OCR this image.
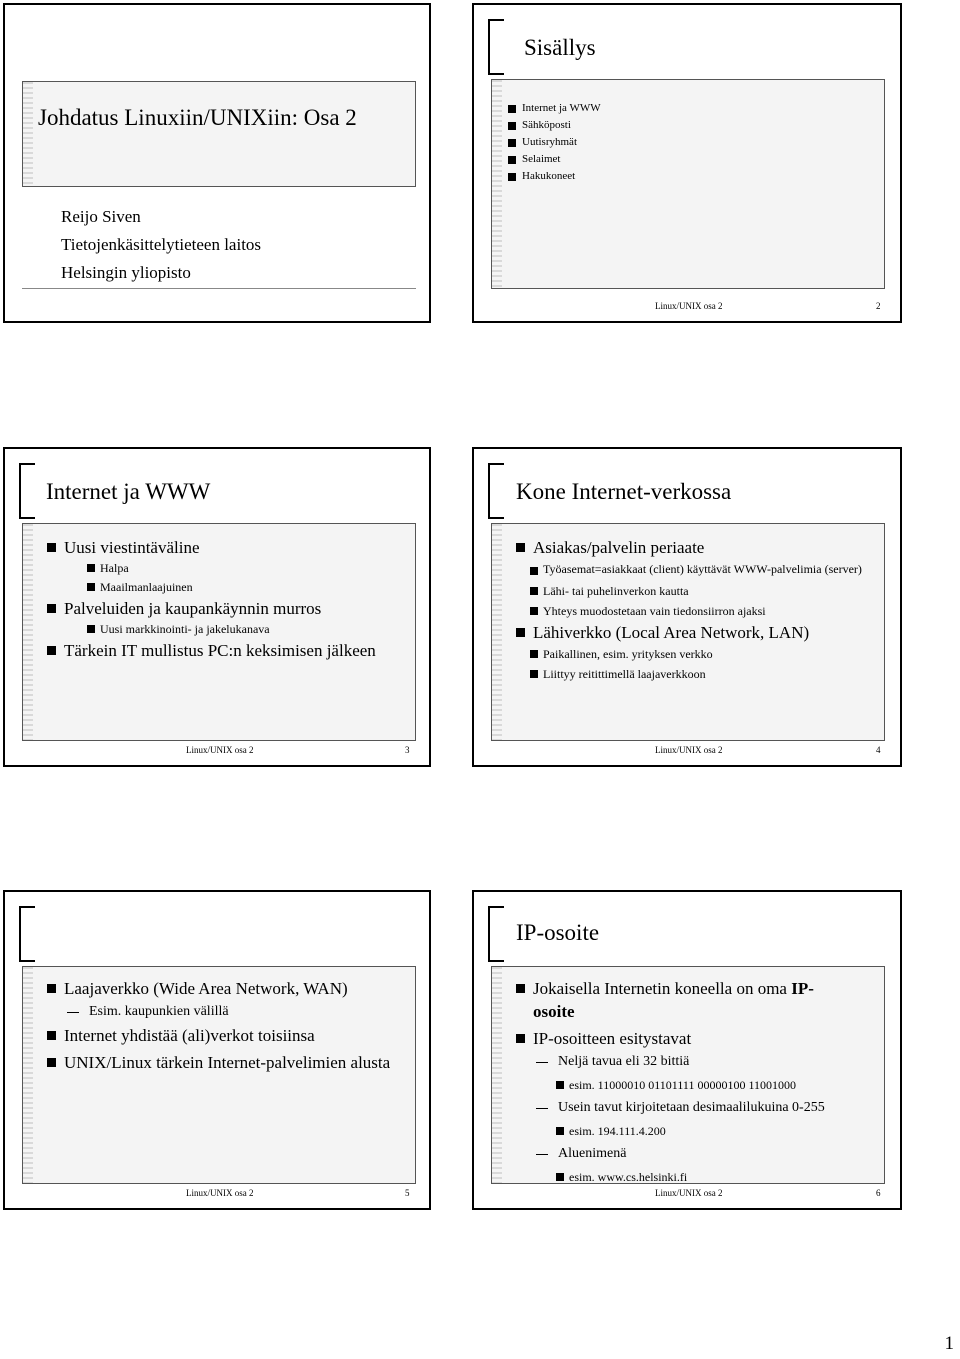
Johdatus Linuxiin/UNIXiin: Osa 2
Reijo Siven
Tietojenkäsittelytieteen laitos
Helsingin yliopisto
Sisällys
Internet ja WWW
Sähköposti
Uutisryhmät
Selaimet
Hakukoneet
Linux/UNIX osa 2	2
Internet ja WWW
Uusi viestintäväline
Halpa
Maailmanlaajuinen
Palveluiden ja kaupankäynnin murros
Uusi markkinointi- ja jakelukanava
Tärkein IT mullistus PC:n keksimisen jälkeen
Linux/UNIX osa 2	3
Kone Internet-verkossa
Asiakas/palvelin periaate
Työasemat=asiakkaat (client) käyttävät WWW-palvelimia (server)
Lähi- tai puhelinverkon kautta
Yhteys muodostetaan vain tiedonsiirron ajaksi
Lähiverkko (Local Area Network, LAN)
Paikallinen, esim. yrityksen verkko
Liittyy reitittimellä laajaverkkoon
Linux/UNIX osa 2	4
Laajaverkko (Wide Area Network, WAN)
Esim. kaupunkien välillä
Internet yhdistää (ali)verkot toisiinsa
UNIX/Linux tärkein Internet-palvelimien alusta
Linux/UNIX osa 2	5
IP-osoite
Jokaisella Internetin koneella on oma IP-osoite
IP-osoitteen esitystavat
Neljä tavua eli 32 bittiä
esim. 11000010 01101111 00000100 11001000
Usein tavut kirjoitetaan desimaalilukuina 0-255
esim. 194.111.4.200
Aluenimenä
esim. www.cs.helsinki.fi
Linux/UNIX osa 2	6
1
